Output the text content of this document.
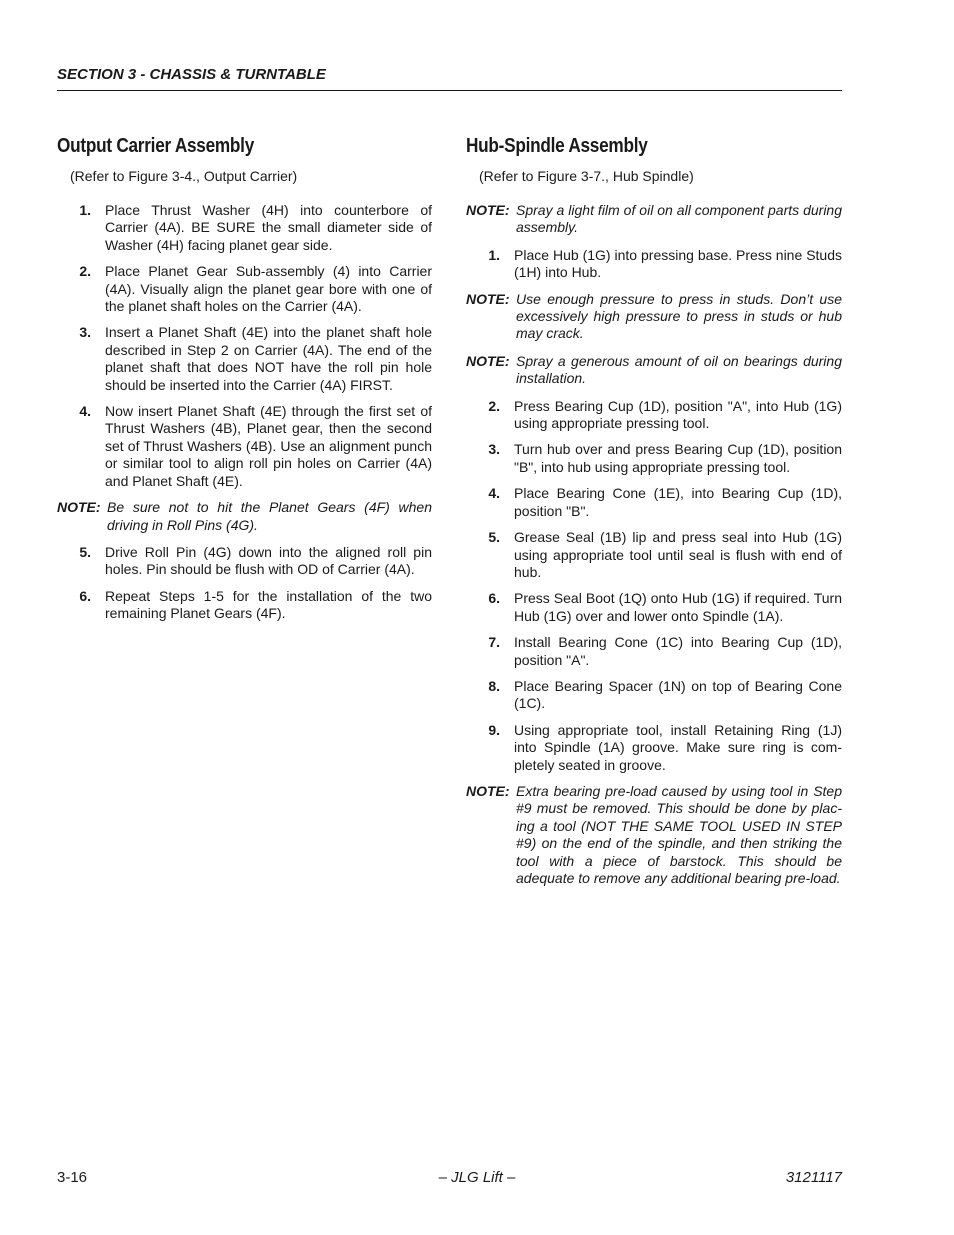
SECTION 3 - CHASSIS & TURNTABLE
Output Carrier Assembly
(Refer to Figure 3-4., Output Carrier)
1.	Place Thrust Washer (4H) into counterbore of Carrier (4A). BE SURE the small diameter side of Washer (4H) facing planet gear side.
2.	Place Planet Gear Sub-assembly (4) into Carrier (4A). Visually align the planet gear bore with one of the planet shaft holes on the Carrier (4A).
3.	Insert a Planet Shaft (4E) into the planet shaft hole described in Step 2 on Carrier (4A). The end of the planet shaft that does NOT have the roll pin hole should be inserted into the Carrier (4A) FIRST.
4.	Now insert Planet Shaft (4E) through the first set of Thrust Washers (4B), Planet gear, then the second set of Thrust Washers (4B). Use an alignment punch or similar tool to align roll pin holes on Carrier (4A) and Planet Shaft (4E).
NOTE: Be sure not to hit the Planet Gears (4F) when driving in Roll Pins (4G).
5.	Drive Roll Pin (4G) down into the aligned roll pin holes. Pin should be flush with OD of Carrier (4A).
6.	Repeat Steps 1-5 for the installation of the two remaining Planet Gears (4F).
Hub-Spindle Assembly
(Refer to Figure 3-7., Hub Spindle)
NOTE: Spray a light film of oil on all component parts during assembly.
1.	Place Hub (1G) into pressing base. Press nine Studs (1H) into Hub.
NOTE: Use enough pressure to press in studs. Don’t use excessively high pressure to press in studs or hub may crack.
NOTE: Spray a generous amount of oil on bearings during installation.
2.	Press Bearing Cup (1D), position "A", into Hub (1G) using appropriate pressing tool.
3.	Turn hub over and press Bearing Cup (1D), position "B", into hub using appropriate pressing tool.
4.	Place Bearing Cone (1E), into Bearing Cup (1D), position "B".
5.	Grease Seal (1B) lip and press seal into Hub (1G) using appropriate tool until seal is flush with end of hub.
6.	Press Seal Boot (1Q) onto Hub (1G) if required. Turn Hub (1G) over and lower onto Spindle (1A).
7.	Install Bearing Cone (1C) into Bearing Cup (1D), position "A".
8.	Place Bearing Spacer (1N) on top of Bearing Cone (1C).
9.	Using appropriate tool, install Retaining Ring (1J) into Spindle (1A) groove. Make sure ring is com-pletely seated in groove.
NOTE: Extra bearing pre-load caused by using tool in Step #9 must be removed. This should be done by plac-ing a tool (NOT THE SAME TOOL USED IN STEP #9) on the end of the spindle, and then striking the tool with a piece of barstock. This should be adequate to remove any additional bearing pre-load.
3-16	– JLG Lift –	3121117
